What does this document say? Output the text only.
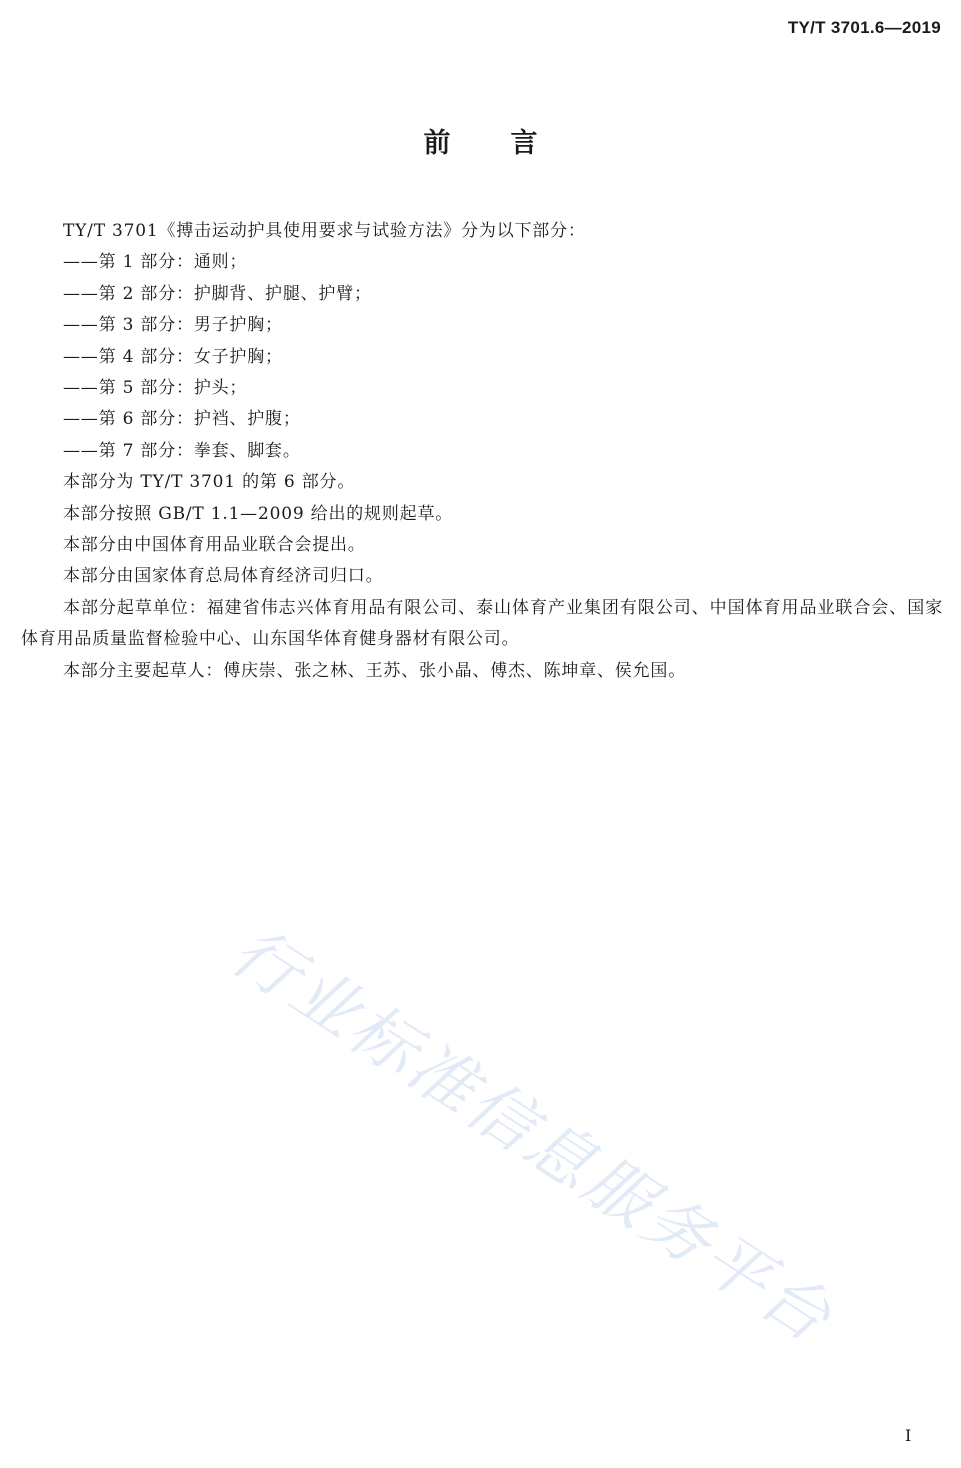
TY/T 3701.6—2019
前言

TY/T 3701《搏击运动护具使用要求与试验方法》分为以下部分：

——第 1 部分：通则；

——第 2 部分：护脚背、护腿、护臂；

——第 3 部分：男子护胸；

——第 4 部分：女子护胸；

——第 5 部分：护头；

——第 6 部分：护裆、护腹；

——第 7 部分：拳套、脚套。

本部分为 TY/T 3701 的第 6 部分。

本部分按照 GB/T 1.1—2009 给出的规则起草。

本部分由中国体育用品业联合会提出。

本部分由国家体育总局体育经济司归口。

本部分起草单位：福建省伟志兴体育用品有限公司、泰山体育产业集团有限公司、中国体育用品业联合会、国家体育用品质量监督检验中心、山东国华体育健身器材有限公司。

本部分主要起草人：傅庆崇、张之林、王苏、张小晶、傅杰、陈坤章、侯允国。

行业标准信息服务平台
I
